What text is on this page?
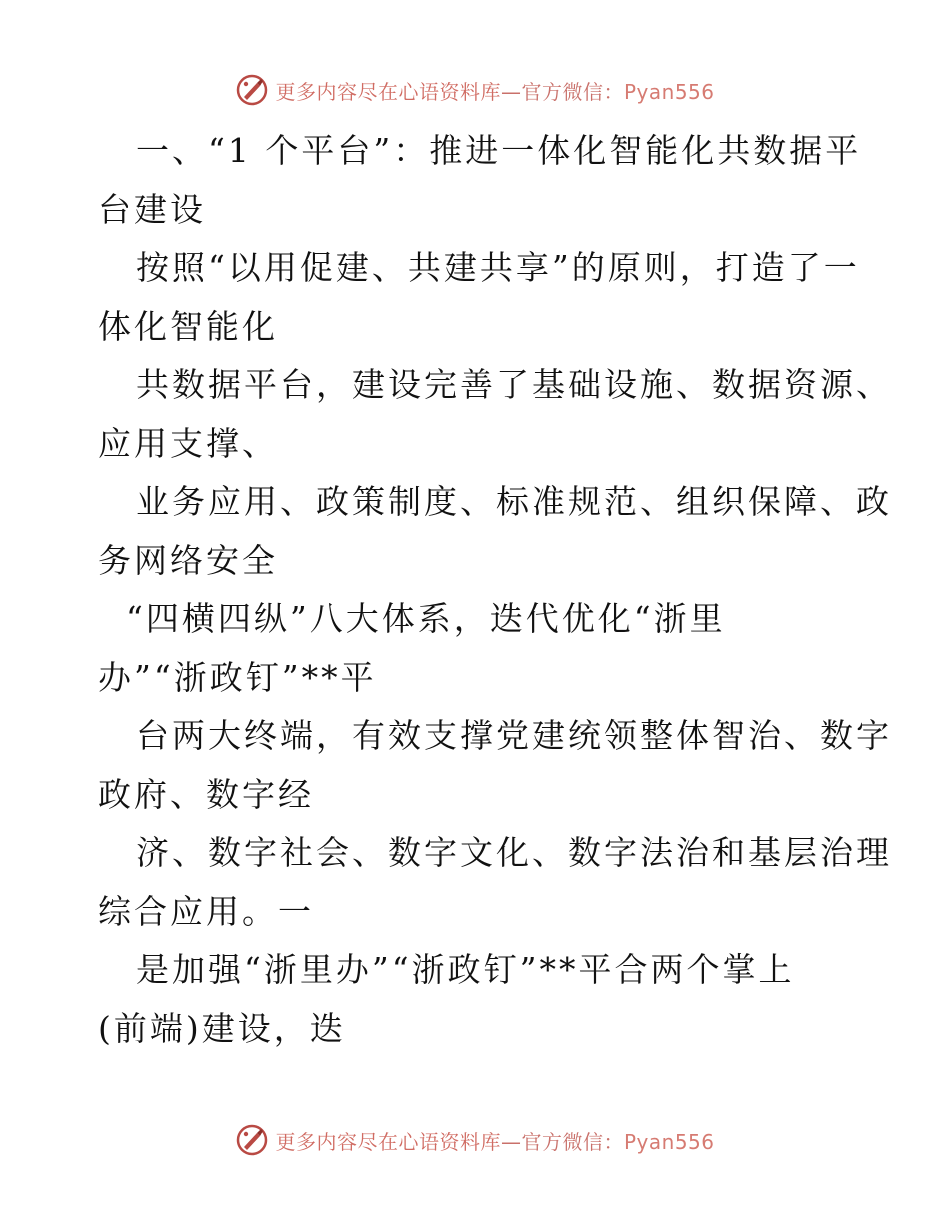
更多内容尽在心语资料库—官方微信：Pyan556
一、“1 个平台”：推进一体化智能化共数据平
台建设
按照“以用促建、共建共享”的原则，打造了一
体化智能化
共数据平台，建设完善了基础设施、数据资源、
应用支撑、
业务应用、政策制度、标准规范、组织保障、政
务网络安全
“四横四纵”八大体系，迭代优化“浙里
办”“浙政钉”**平
台两大终端，有效支撑党建统领整体智治、数字
政府、数字经
济、数字社会、数字文化、数字法治和基层治理
综合应用。一
是加强“浙里办”“浙政钉”**平合两个掌上
(前端)建设，迭
更多内容尽在心语资料库—官方微信：Pyan556
